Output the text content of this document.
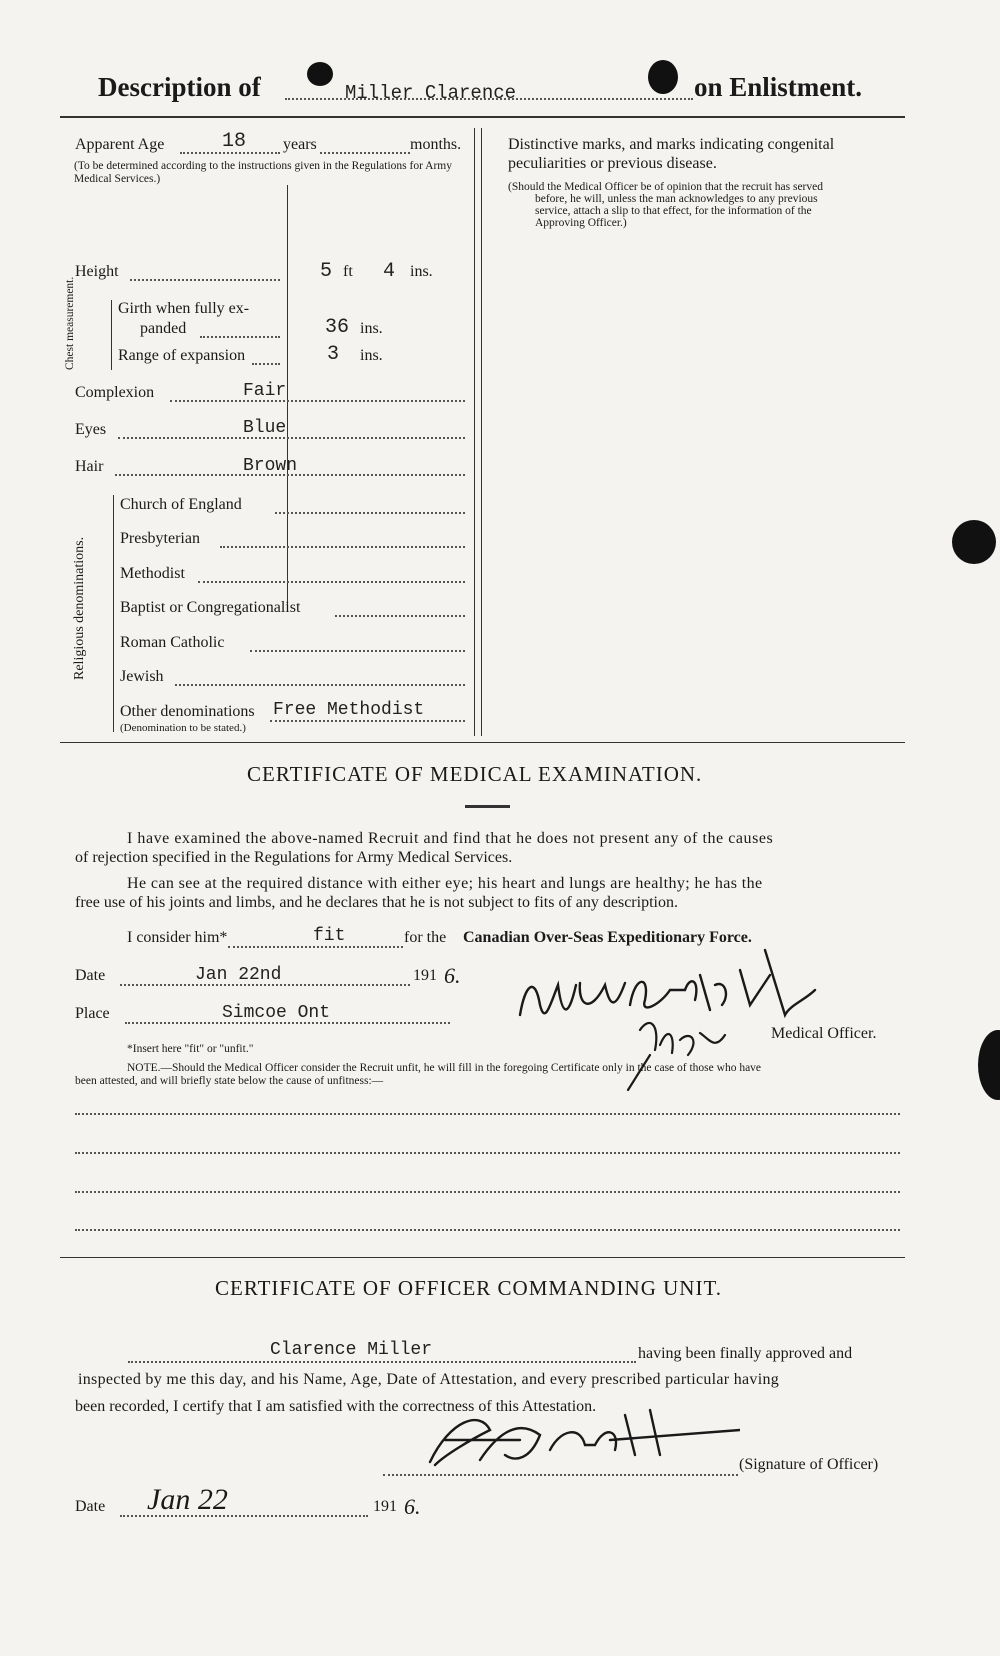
Description of	Miller Clarence	on Enlistment.
Apparent Age	18 years	months.
(To be determined according to the instructions given in the Regulations for Army Medical Services.)
Height	5 ft 4 ins.
Chest measurement.	Girth when fully ex-
panded	36 ins.
Range of expansion	3 ins.
Complexion	Fair
Eyes	Blue
Hair	Brown
Religious denominations.
Church of England
Presbyterian
Methodist
Baptist or Congregationalist
Roman Catholic
Jewish
Other denominations Free Methodist
(Denomination to be stated.)
Distinctive marks, and marks indicating congenital
peculiarities or previous disease.
(Should the Medical Officer be of opinion that the recruit has served
before, he will, unless the man acknowledges to any previous
service, attach a slip to that effect, for the information of the
Approving Officer.)
CERTIFICATE OF MEDICAL EXAMINATION.
I have examined the above-named Recruit and find that he does not present any of the causes
of rejection specified in the Regulations for Army Medical Services.
He can see at the required distance with either eye; his heart and lungs are healthy; he has the
free use of his joints and limbs, and he declares that he is not subject to fits of any description.
I consider him*	fit	for the Canadian Over-Seas Expeditionary Force.
Date	Jan 22nd	191 6.
Place	Simcoe Ont
Medical Officer.
*Insert here "fit" or "unfit."
NOTE.—Should the Medical Officer consider the Recruit unfit, he will fill in the foregoing Certificate only in the case of those who have
been attested, and will briefly state below the cause of unfitness:—
CERTIFICATE OF OFFICER COMMANDING UNIT.
Clarence Miller	having been finally approved and
inspected by me this day, and his Name, Age, Date of Attestation, and every prescribed particular having
been recorded, I certify that I am satisfied with the correctness of this Attestation.
(Signature of Officer)
Date Jan 22	191 6.
